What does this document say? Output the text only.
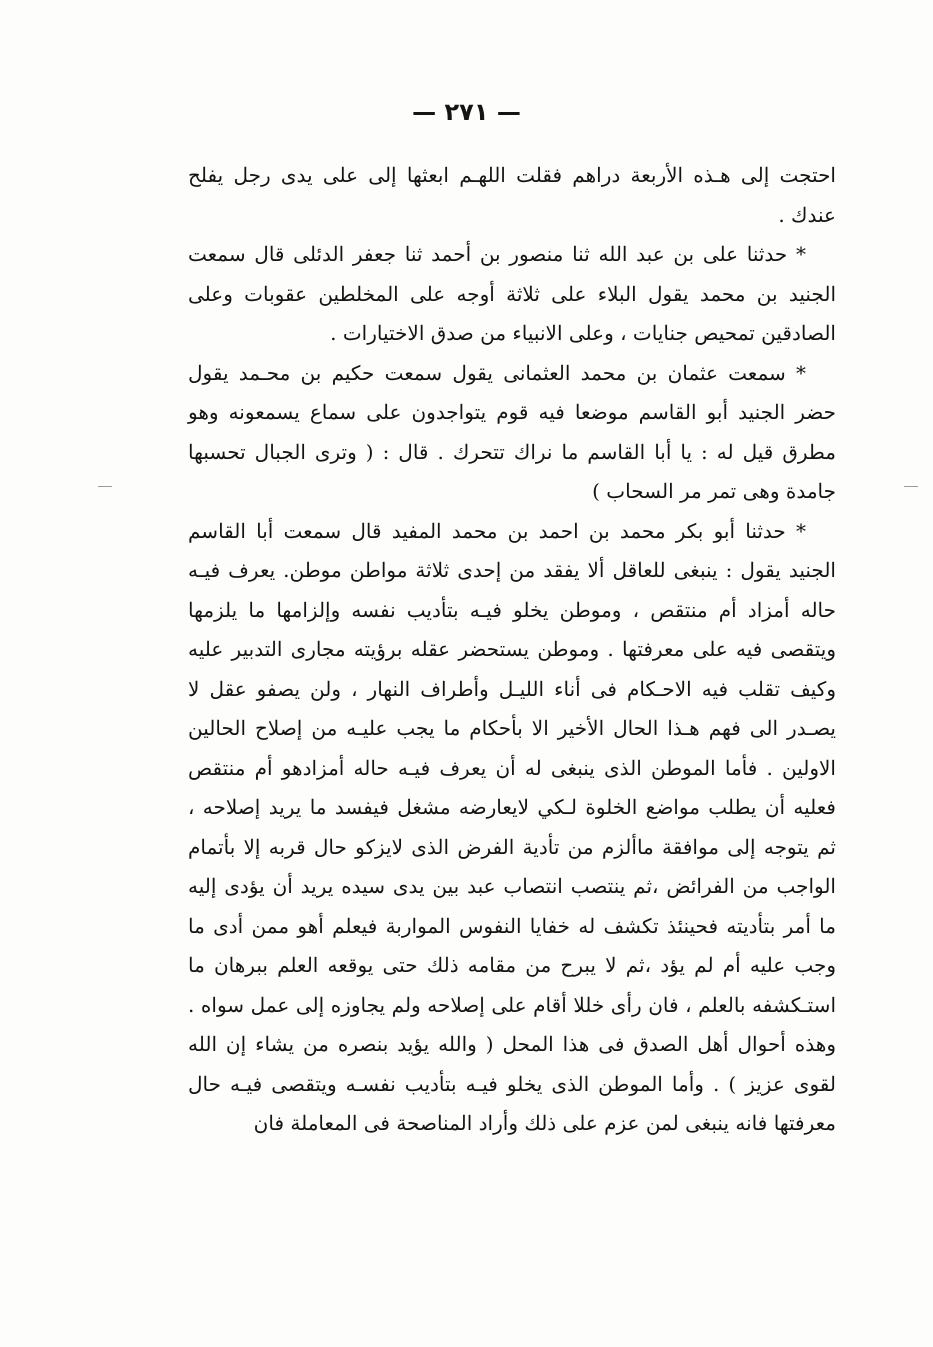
— ٢٧١ —

احتجت إلى هـذه الأربعة دراهم فقلت اللهـم ابعثها إلى على يدى رجل يفلح عندك .

* حدثنا على بن عبد الله ثنا منصور بن أحمد ثنا جعفر الدئلى قال سمعت الجنيد بن محمد يقول البلاء على ثلاثة أوجه على المخلطين عقوبات وعلى الصادقين تمحيص جنايات ، وعلى الانبياء من صدق الاختيارات .

* سمعت عثمان بن محمد العثمانى يقول سمعت حكيم بن محـمد يقول حضر الجنيد أبو القاسم موضعا فيه قوم يتواجدون على سماع يسمعونه وهو مطرق قيل له : يا أبا القاسم ما نراك تتحرك . قال : ( وترى الجبال تحسبها جامدة وهى تمر مر السحاب )

* حدثنا أبو بكر محمد بن احمد بن محمد المفيد قال سمعت أبا القاسم الجنيد يقول : ينبغى للعاقل ألا يفقد من إحدى ثلاثة مواطن موطن. يعرف فيـه حاله أمزاد أم منتقص ، وموطن يخلو فيـه بتأديب نفسه وإلزامها ما يلزمها ويتقصى فيه على معرفتها . وموطن يستحضر عقله برؤيته مجارى التدبير عليه وكيف تقلب فيه الاحـكام فى أناء الليـل وأطراف النهار ، ولن يصفو عقل لا يصـدر الى فهم هـذا الحال الأخير الا بأحكام ما يجب عليـه من إصلاح الحالين الاولين . فأما الموطن الذى ينبغى له أن يعرف فيـه حاله أمزادهو أم منتقص فعليه أن يطلب مواضع الخلوة لـكي لايعارضه مشغل فيفسد ما يريد إصلاحه ، ثم يتوجه إلى موافقة ماألزم من تأدية الفرض الذى لايزكو حال قربه إلا بأتمام الواجب من الفرائض ،ثم ينتصب انتصاب عبد بين يدى سيده يريد أن يؤدى إليه ما أمر بتأديته فحينئذ تكشف له خفايا النفوس المواربة فيعلم أهو ممن أدى ما وجب عليه أم لم يؤد ،ثم لا يبرح من مقامه ذلك حتى يوقعه العلم ببرهان ما استـكشفه بالعلم ، فان رأى خللا أقام على إصلاحه ولم يجاوزه إلى عمل سواه . وهذه أحوال أهل الصدق فى هذا المحل ( والله يؤيد بنصره من يشاء إن الله لقوى عزيز ) . وأما الموطن الذى يخلو فيـه بتأديب نفسـه ويتقصى فيـه حال معرفتها فانه ينبغى لمن عزم على ذلك وأراد المناصحة فى المعاملة فان
